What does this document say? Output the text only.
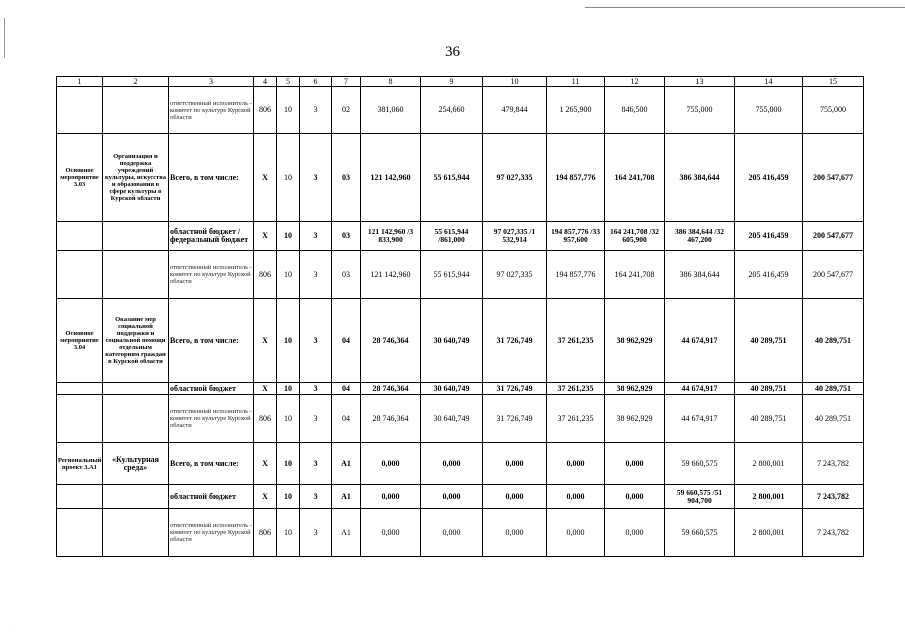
36
1	2	3	4	5	6	7	8	9	10	11	12	13	14	15
		ответственный исполнитель - комитет по культуре Курской области	806	10	3	02	381,060	254,660	479,844	1 265,900	846,500	755,000	755,000	755,000
Основное мероприятие 3.03	Организация и поддержка учреждений культуры, искусства и образования в сфере культуры в Курской области	Всего, в том числе:	X	10	3	03	121 142,960	55 615,944	97 027,335	194 857,776	164 241,708	386 384,644	205 416,459	200 547,677
		областной бюджет /федеральный бюджет	X	10	3	03	121 142,960 /3 833,900	55 615,944 /861,000	97 027,335 /1 532,914	194 857,776 /33 957,600	164 241,708 /32 605,900	386 384,644 /32 467,200	205 416,459	200 547,677
		ответственный исполнитель - комитет по культуре Курской области	806	10	3	03	121 142,960	55 615,944	97 027,335	194 857,776	164 241,708	386 384,644	205 416,459	200 547,677
Основное мероприятие 3.04	Оказание мер социальной поддержки и социальной помощи отдельным категориям граждан в Курской области	Всего, в том числе:	X	10	3	04	28 746,364	30 640,749	31 726,749	37 261,235	38 962,929	44 674,917	40 289,751	40 289,751
		областной бюджет	X	10	3	04	28 746,364	30 640,749	31 726,749	37 261,235	38 962,929	44 674,917	40 289,751	40 289,751
		ответственный исполнитель - комитет по культуре Курской области	806	10	3	04	28 746,364	30 640,749	31 726,749	37 261,235	38 962,929	44 674,917	40 289,751	40 289,751
Региональный проект 3.А1	«Культурная среда»	Всего, в том числе:	X	10	3	А1	0,000	0,000	0,000	0,000	0,000	59 660,575	2 800,001	7 243,782
		областной бюджет	X	10	3	А1	0,000	0,000	0,000	0,000	0,000	59 660,575 /51 904,700	2 800,001	7 243,782
		ответственный исполнитель - комитет по культуре Курской области	806	10	3	А1	0,000	0,000	0,000	0,000	0,000	59 660,575	2 800,001	7 243,782
·
